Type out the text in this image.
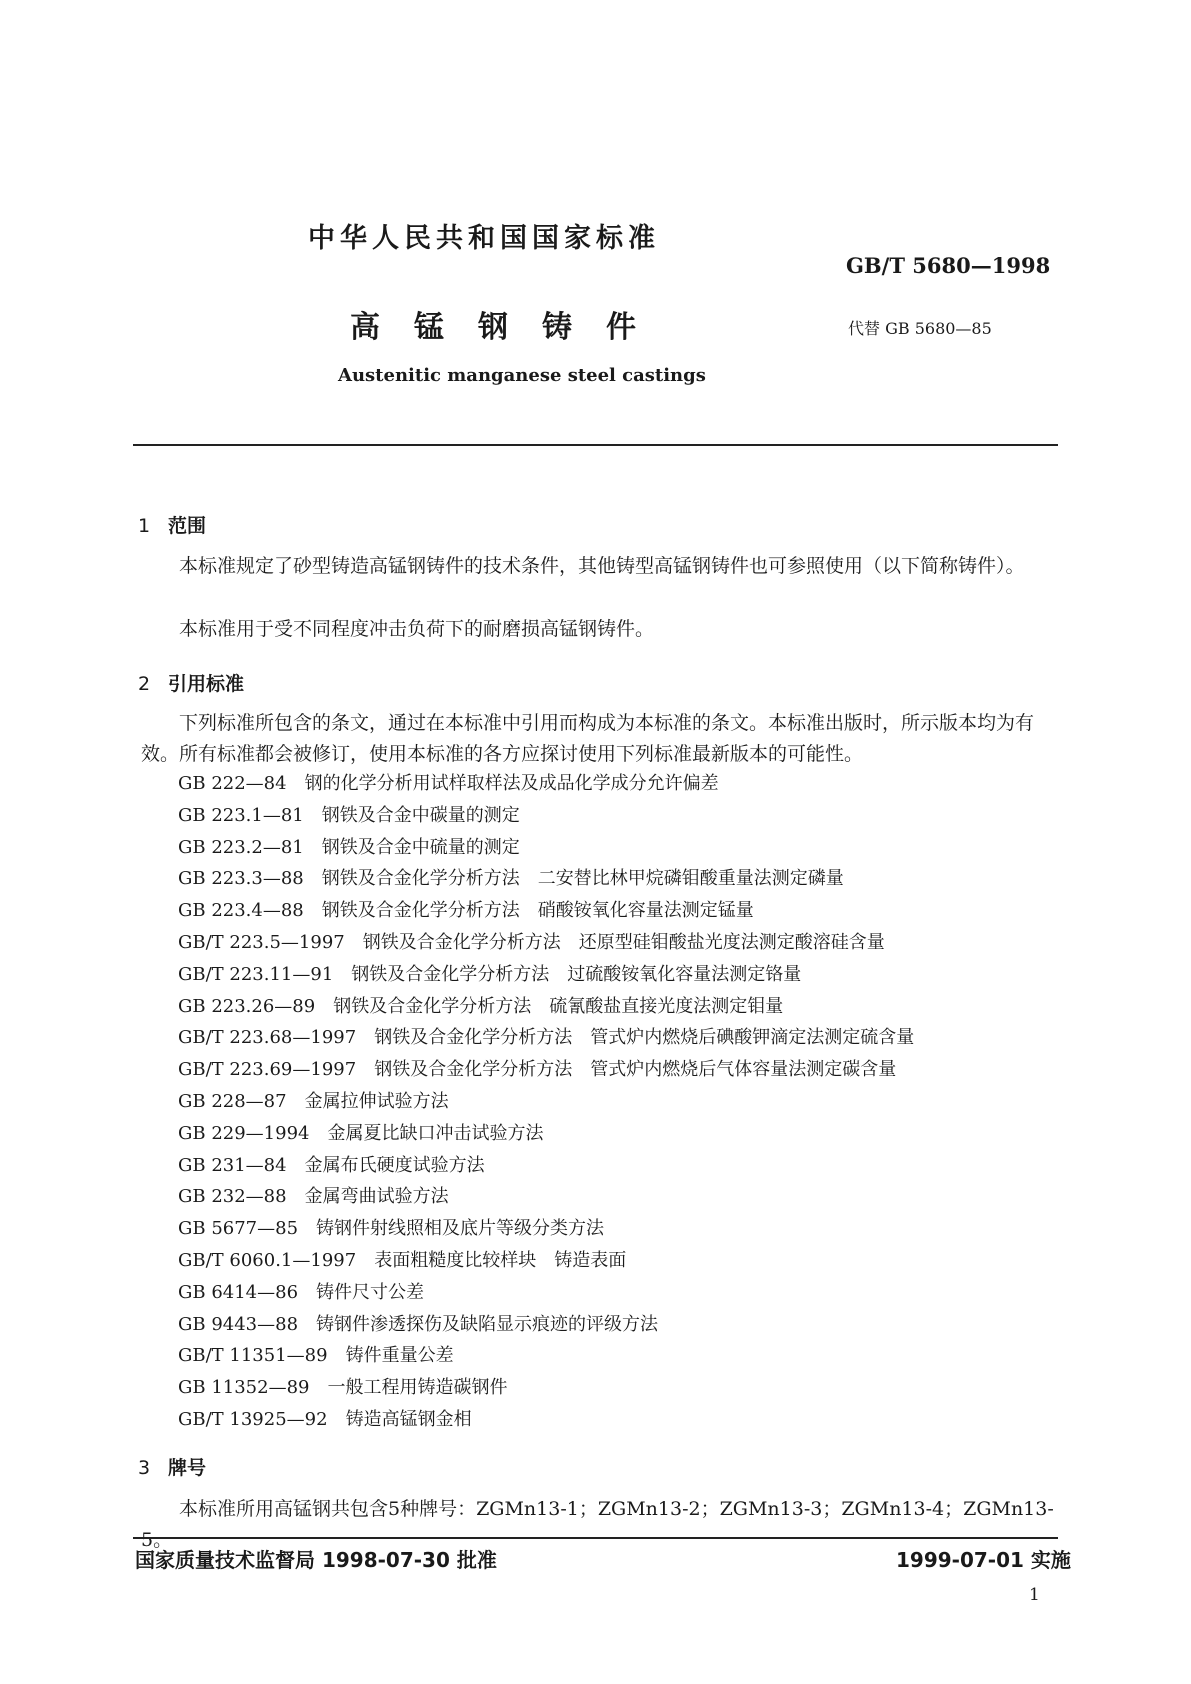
中华人民共和国国家标准
GB/T 5680—1998
高锰钢铸件	代替 GB 5680—85
Austenitic manganese steel castings
1 范围
本标准规定了砂型铸造高锰钢铸件的技术条件，其他铸型高锰钢铸件也可参照使用（以下简称铸件）。
本标准用于受不同程度冲击负荷下的耐磨损高锰钢铸件。
2 引用标准
下列标准所包含的条文，通过在本标准中引用而构成为本标准的条文。本标准出版时，所示版本均为有效。所有标准都会被修订，使用本标准的各方应探讨使用下列标准最新版本的可能性。
GB 222—84 钢的化学分析用试样取样法及成品化学成分允许偏差
GB 223.1—81 钢铁及合金中碳量的测定
GB 223.2—81 钢铁及合金中硫量的测定
GB 223.3—88 钢铁及合金化学分析方法　二安替比林甲烷磷钼酸重量法测定磷量
GB 223.4—88 钢铁及合金化学分析方法　硝酸铵氧化容量法测定锰量
GB/T 223.5—1997 钢铁及合金化学分析方法　还原型硅钼酸盐光度法测定酸溶硅含量
GB/T 223.11—91 钢铁及合金化学分析方法　过硫酸铵氧化容量法测定铬量
GB 223.26—89 钢铁及合金化学分析方法　硫氰酸盐直接光度法测定钼量
GB/T 223.68—1997 钢铁及合金化学分析方法　管式炉内燃烧后碘酸钾滴定法测定硫含量
GB/T 223.69—1997 钢铁及合金化学分析方法　管式炉内燃烧后气体容量法测定碳含量
GB 228—87 金属拉伸试验方法
GB 229—1994 金属夏比缺口冲击试验方法
GB 231—84 金属布氏硬度试验方法
GB 232—88 金属弯曲试验方法
GB 5677—85 铸钢件射线照相及底片等级分类方法
GB/T 6060.1—1997 表面粗糙度比较样块　铸造表面
GB 6414—86 铸件尺寸公差
GB 9443—88 铸钢件渗透探伤及缺陷显示痕迹的评级方法
GB/T 11351—89 铸件重量公差
GB 11352—89 一般工程用铸造碳钢件
GB/T 13925—92 铸造高锰钢金相
3 牌号
本标准所用高锰钢共包含5种牌号：ZGMn13-1；ZGMn13-2；ZGMn13-3；ZGMn13-4；ZGMn13-5。
国家质量技术监督局 1998-07-30 批准	1999-07-01 实施
1
